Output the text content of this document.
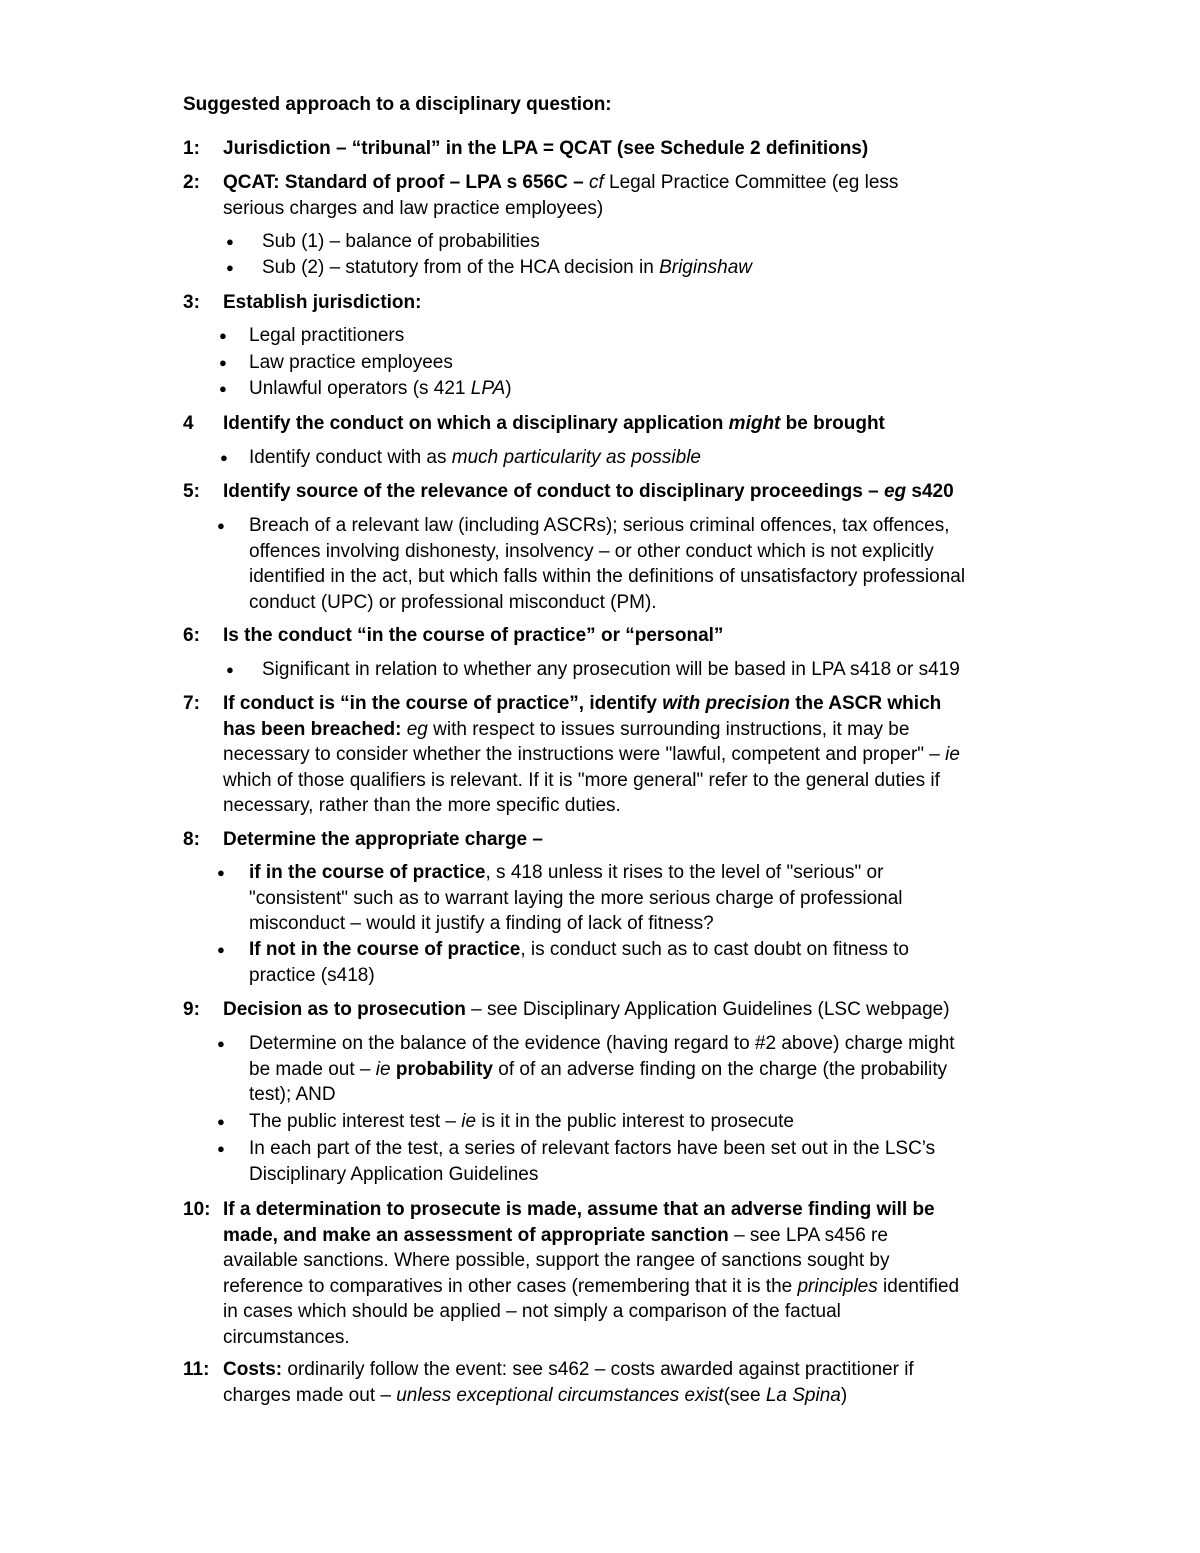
Suggested approach to a disciplinary question:
1: Jurisdiction – “tribunal” in the LPA = QCAT (see Schedule 2 definitions)
2: QCAT: Standard of proof – LPA s 656C – cf Legal Practice Committee (eg less
serious charges and law practice employees)
● Sub (1) – balance of probabilities
● Sub (2) – statutory from of the HCA decision in Briginshaw
3: Establish jurisdiction:
● Legal practitioners
● Law practice employees
● Unlawful operators (s 421 LPA)
4 Identify the conduct on which a disciplinary application might be brought
● Identify conduct with as much particularity as possible
5: Identify source of the relevance of conduct to disciplinary proceedings – eg s420
● Breach of a relevant law (including ASCRs); serious criminal offences, tax offences,
offences involving dishonesty, insolvency – or other conduct which is not explicitly
identified in the act, but which falls within the definitions of unsatisfactory professional
conduct (UPC) or professional misconduct (PM).
6: Is the conduct “in the course of practice” or “personal”
● Significant in relation to whether any prosecution will be based in LPA s418 or s419
7: If conduct is “in the course of practice”, identify with precision the ASCR which
has been breached: eg with respect to issues surrounding instructions, it may be
necessary to consider whether the instructions were "lawful, competent and proper" – ie
which of those qualifiers is relevant. If it is "more general" refer to the general duties if
necessary, rather than the more specific duties.
8: Determine the appropriate charge –
● if in the course of practice, s 418 unless it rises to the level of "serious" or
"consistent" such as to warrant laying the more serious charge of professional
misconduct – would it justify a finding of lack of fitness?
● If not in the course of practice, is conduct such as to cast doubt on fitness to
practice (s418)
9: Decision as to prosecution – see Disciplinary Application Guidelines (LSC webpage)
● Determine on the balance of the evidence (having regard to #2 above) charge might
be made out – ie probability of of an adverse finding on the charge (the probability
test); AND
● The public interest test – ie is it in the public interest to prosecute
● In each part of the test, a series of relevant factors have been set out in the LSC’s
Disciplinary Application Guidelines
10: If a determination to prosecute is made, assume that an adverse finding will be
made, and make an assessment of appropriate sanction – see LPA s456 re
available sanctions. Where possible, support the rangee of sanctions sought by
reference to comparatives in other cases (remembering that it is the principles identified
in cases which should be applied – not simply a comparison of the factual
circumstances.
11: Costs: ordinarily follow the event: see s462 – costs awarded against practitioner if
charges made out – unless exceptional circumstances exist(see La Spina)
